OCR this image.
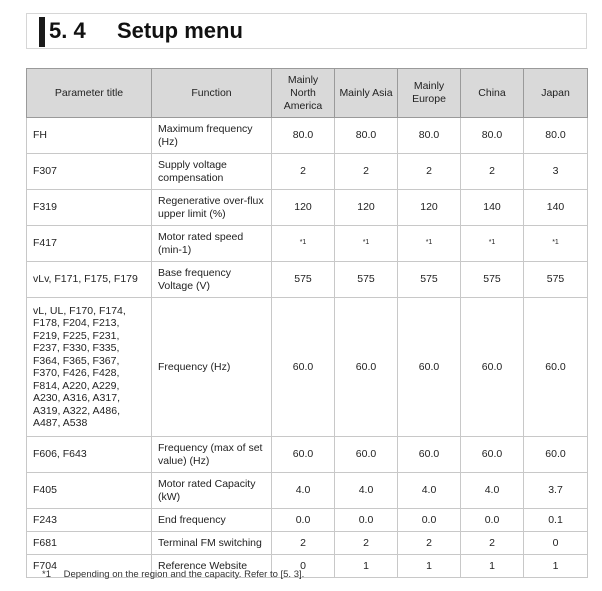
5. 4 Setup menu
Parameter title	Function	Mainly North America	Mainly Asia	Mainly Europe	China	Japan
FH	Maximum frequency (Hz)	80.0	80.0	80.0	80.0	80.0
F307	Supply voltage compensation	2	2	2	2	3
F319	Regenerative over-flux upper limit (%)	120	120	120	140	140
F417	Motor rated speed (min-1)	$^{*1}$	$^{*1}$	$^{*1}$	$^{*1}$	$^{*1}$
vLv, F171, F175, F179	Base frequency Voltage (V)	575	575	575	575	575
vL, UL, F170, F174, F178, F204, F213, F219, F225, F231, F237, F330, F335, F364, F365, F367, F370, F426, F428, F814, A220, A229, A230, A316, A317, A319, A322, A486, A487, A538	Frequency (Hz)	60.0	60.0	60.0	60.0	60.0
F606, F643	Frequency (max of set value) (Hz)	60.0	60.0	60.0	60.0	60.0
F405	Motor rated Capacity (kW)	4.0	4.0	4.0	4.0	3.7
F243	End frequency	0.0	0.0	0.0	0.0	0.1
F681	Terminal FM switching	2	2	2	2	0
F704	Reference Website	0	1	1	1	1
*1 Depending on the region and the capacity. Refer to [5. 3].
